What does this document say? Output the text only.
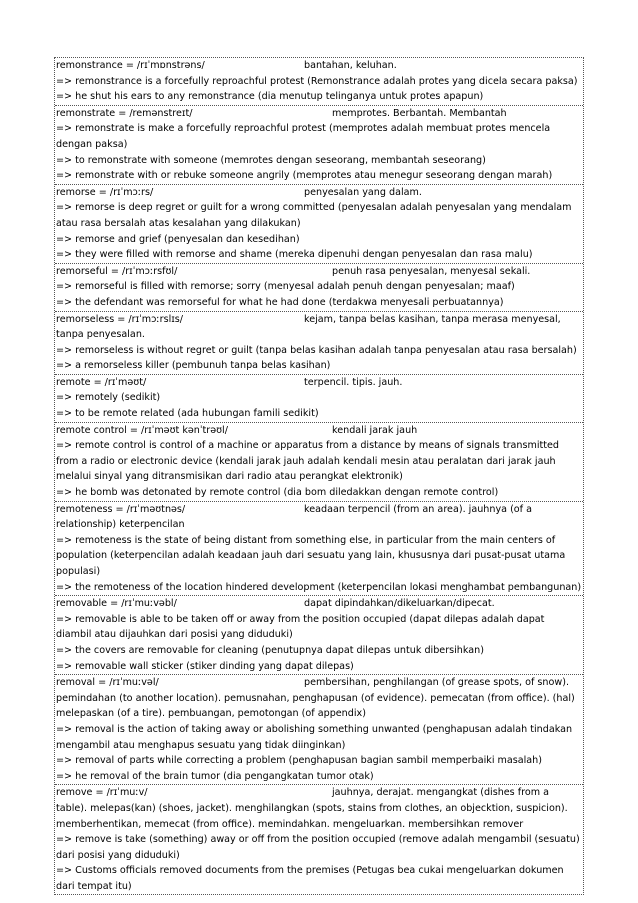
remonstrance = /rɪˈmɒnstrəns/	bantahan, keluhan.
=> remonstrance is a forcefully reproachful protest (Remonstrance adalah protes yang dicela secara paksa)
=> he shut his ears to any remonstrance (dia menutup telinganya untuk protes apapun)
remonstrate = /remənstreɪt/	memprotes. Berbantah. Membantah
=> remonstrate is make a forcefully reproachful protest (memprotes adalah membuat protes mencela dengan paksa)
=> to remonstrate with someone (memrotes dengan seseorang, membantah seseorang)
=> remonstrate with or rebuke someone angrily (memprotes atau menegur seseorang dengan marah)
remorse = /rɪˈmɔːrs/	penyesalan yang dalam.
=> remorse is deep regret or guilt for a wrong committed (penyesalan adalah penyesalan yang mendalam atau rasa bersalah atas kesalahan yang dilakukan)
=> remorse and grief (penyesalan dan kesedihan)
=> they were filled with remorse and shame (mereka dipenuhi dengan penyesalan dan rasa malu)
remorseful = /rɪˈmɔːrsfʊl/	penuh rasa penyesalan, menyesal sekali.
=> remorseful is filled with remorse; sorry (menyesal adalah penuh dengan penyesalan; maaf)
=> the defendant was remorseful for what he had done (terdakwa menyesali perbuatannya)
remorseless = /rɪˈmɔːrslɪs/	kejam, tanpa belas kasihan, tanpa merasa menyesal, tanpa penyesalan.
=> remorseless is without regret or guilt (tanpa belas kasihan adalah tanpa penyesalan atau rasa bersalah)
=> a remorseless killer (pembunuh tanpa belas kasihan)
remote = /rɪˈməʊt/	terpencil. tipis. jauh.
=> remotely (sedikit)
=> to be remote related (ada hubungan famili sedikit)
remote control = /rɪˈməʊt kənˈtrəʊl/	kendali jarak jauh
=> remote control is control of a machine or apparatus from a distance by means of signals transmitted from a radio or electronic device (kendali jarak jauh adalah kendali mesin atau peralatan dari jarak jauh melalui sinyal yang ditransmisikan dari radio atau perangkat elektronik)
=> he bomb was detonated by remote control (dia bom diledakkan dengan remote control)
remoteness = /rɪˈməʊtnəs/	keadaan terpencil (from an area). jauhnya (of a relationship) keterpencilan
=> remoteness is the state of being distant from something else, in particular from the main centers of population (keterpencilan adalah keadaan jauh dari sesuatu yang lain, khususnya dari pusat-pusat utama populasi)
=> the remoteness of the location hindered development (keterpencilan lokasi menghambat pembangunan)
removable = /rɪˈmuːvəbl/	dapat dipindahkan/dikeluarkan/dipecat.
=> removable is able to be taken off or away from the position occupied (dapat dilepas adalah dapat diambil atau dijauhkan dari posisi yang diduduki)
=> the covers are removable for cleaning (penutupnya dapat dilepas untuk dibersihkan)
=> removable wall sticker (stiker dinding yang dapat dilepas)
removal = /rɪˈmuːvəl/	pembersihan, penghilangan (of grease spots, of snow). pemindahan (to another location). pemusnahan, penghapusan (of evidence). pemecatan (from office). (hal) melepaskan (of a tire). pembuangan, pemotongan (of appendix)
=> removal is the action of taking away or abolishing something unwanted (penghapusan adalah tindakan mengambil atau menghapus sesuatu yang tidak diinginkan)
=> removal of parts while correcting a problem (penghapusan bagian sambil memperbaiki masalah)
=> he removal of the brain tumor (dia pengangkatan tumor otak)
remove = /rɪˈmuːv/	jauhnya, derajat. mengangkat (dishes from a table). melepas(kan) (shoes, jacket). menghilangkan (spots, stains from clothes, an objecktion, suspicion). memberhentikan, memecat (from office). memindahkan. mengeluarkan. membersihkan remover
=> remove is take (something) away or off from the position occupied (remove adalah mengambil (sesuatu) dari posisi yang diduduki)
=> Customs officials removed documents from the premises (Petugas bea cukai mengeluarkan dokumen dari tempat itu)
